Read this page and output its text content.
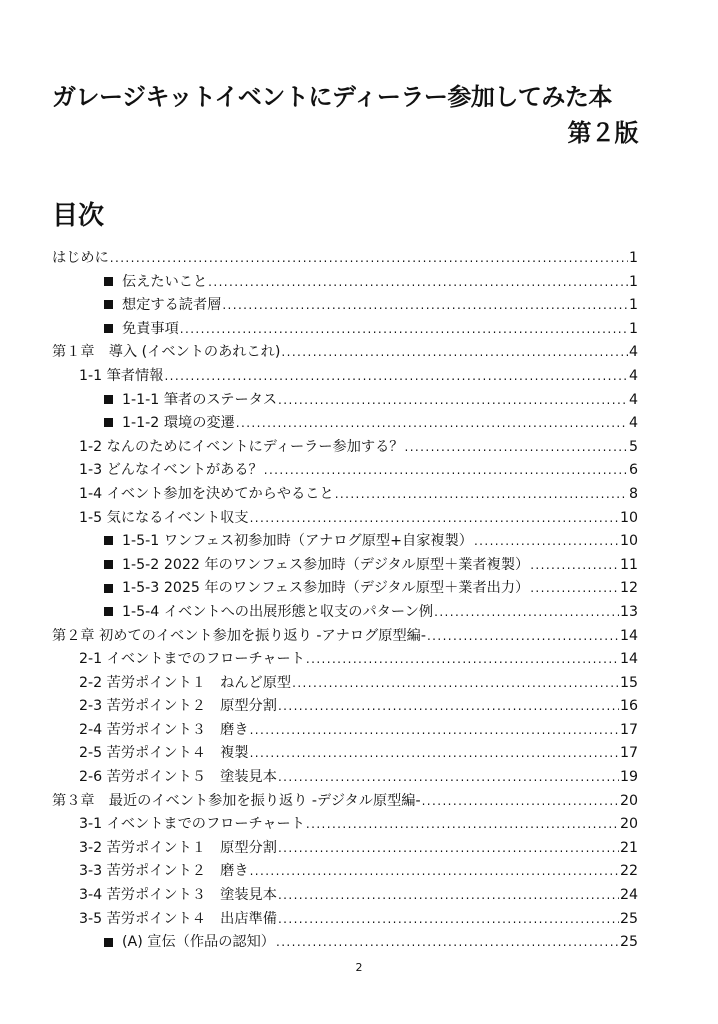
ガレージキットイベントにディーラー参加してみた本
第２版
目次
はじめに .....	1
伝えたいこと .....	1
想定する読者層 .....	1
免責事項 .....	1
第１章　導入 (イベントのあれこれ) .....	4
1-1 筆者情報 .....	4
1-1-1 筆者のステータス .....	4
1-1-2 環境の変遷 .....	4
1-2 なんのためにイベントにディーラー参加する？ .....	5
1-3 どんなイベントがある？ .....	6
1-4 イベント参加を決めてからやること .....	8
1-5 気になるイベント収支 .....	10
1-5-1 ワンフェス初参加時（アナログ原型+自家複製） .....	10
1-5-2 2022 年のワンフェス参加時（デジタル原型＋業者複製） .....	11
1-5-3 2025 年のワンフェス参加時（デジタル原型＋業者出力） .....	12
1-5-4 イベントへの出展形態と収支のパターン例 .....	13
第２章 初めてのイベント参加を振り返り -アナログ原型編- .....	14
2-1 イベントまでのフローチャート .....	14
2-2 苦労ポイント１　ねんど原型 .....	15
2-3 苦労ポイント２　原型分割 .....	16
2-4 苦労ポイント３　磨き .....	17
2-5 苦労ポイント４　複製 .....	17
2-6 苦労ポイント５　塗装見本 .....	19
第３章　最近のイベント参加を振り返り -デジタル原型編- .....	20
3-1 イベントまでのフローチャート .....	20
3-2 苦労ポイント１　原型分割 .....	21
3-3 苦労ポイント２　磨き .....	22
3-4 苦労ポイント３　塗装見本 .....	24
3-5 苦労ポイント４　出店準備 .....	25
(A) 宣伝（作品の認知） .....	25
2
